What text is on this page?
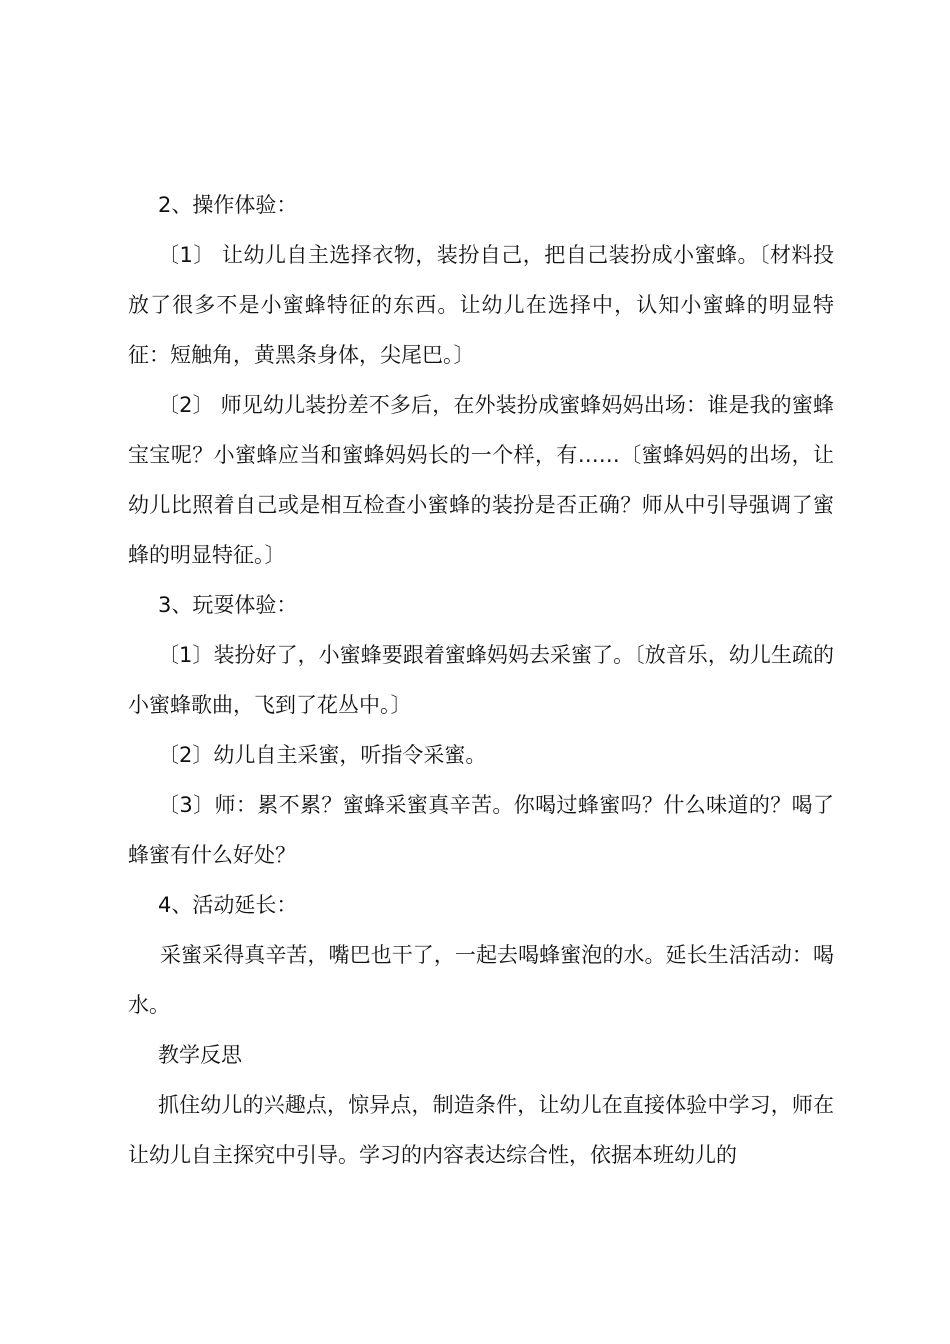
2、操作体验：

〔1〕 让幼儿自主选择衣物，装扮自己，把自己装扮成小蜜蜂。〔材料投放了很多不是小蜜蜂特征的东西。让幼儿在选择中，认知小蜜蜂的明显特征：短触角，黄黑条身体，尖尾巴。〕

〔2〕 师见幼儿装扮差不多后，在外装扮成蜜蜂妈妈出场：谁是我的蜜蜂宝宝呢？小蜜蜂应当和蜜蜂妈妈长的一个样，有……〔蜜蜂妈妈的出场，让幼儿比照着自己或是相互检查小蜜蜂的装扮是否正确？师从中引导强调了蜜蜂的明显特征。〕

3、玩耍体验：

〔1〕装扮好了，小蜜蜂要跟着蜜蜂妈妈去采蜜了。〔放音乐，幼儿生疏的小蜜蜂歌曲，飞到了花丛中。〕

〔2〕幼儿自主采蜜，听指令采蜜。

〔3〕师：累不累？蜜蜂采蜜真辛苦。你喝过蜂蜜吗？什么味道的？喝了蜂蜜有什么好处？

4、活动延长：

采蜜采得真辛苦，嘴巴也干了，一起去喝蜂蜜泡的水。延长生活活动：喝水。

教学反思

抓住幼儿的兴趣点，惊异点，制造条件，让幼儿在直接体验中学习，师在让幼儿自主探究中引导。学习的内容表达综合性，依据本班幼儿的
